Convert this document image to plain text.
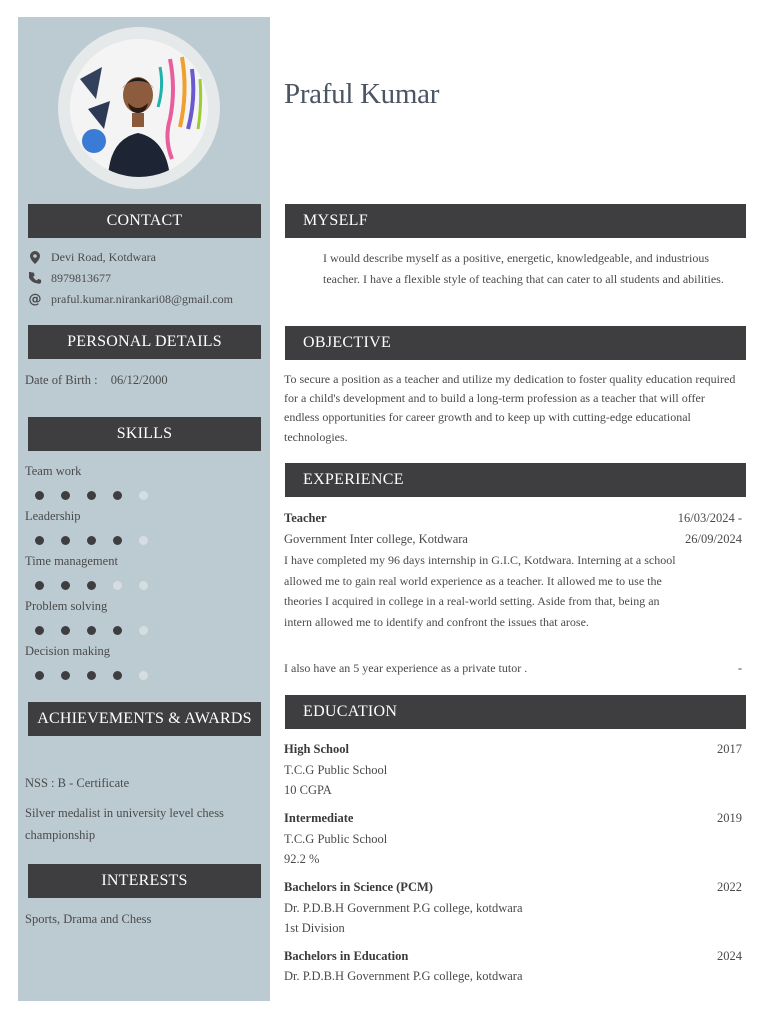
CONTACT
Devi Road, Kotdwara
8979813677
@ praful.kumar.nirankari08@gmail.com
PERSONAL DETAILS
Date of Birth : 06/12/2000
SKILLS
Team work
Leadership
Time management
Problem solving
Decision making
ACHIEVEMENTS & AWARDS
NSS : B - Certificate
Silver medalist in university level chess championship
INTERESTS
Sports, Drama and Chess
Praful Kumar
MYSELF
I would describe myself as a positive, energetic, knowledgeable, and industrious teacher. I have a flexible style of teaching that can cater to all students and abilities.
OBJECTIVE
To secure a position as a teacher and utilize my dedication to foster quality education required for a child's development and to build a long-term profession as a teacher that will offer endless opportunities for career growth and to keep up with cutting-edge educational technologies.
EXPERIENCE
Teacher	16/03/2024 -
Government Inter college, Kotdwara	26/09/2024
I have completed my 96 days internship in G.I.C, Kotdwara. Interning at a school allowed me to gain real world experience as a teacher. It allowed me to use the theories I acquired in college in a real-world setting. Aside from that, being an intern allowed me to identify and confront the issues that arose.
I also have an 5 year experience as a private tutor .	-
EDUCATION
High School	2017
T.C.G Public School
10 CGPA
Intermediate	2019
T.C.G Public School
92.2 %
Bachelors in Science (PCM)	2022
Dr. P.D.B.H Government P.G college, kotdwara
1st Division
Bachelors in Education	2024
Dr. P.D.B.H Government P.G college, kotdwara
